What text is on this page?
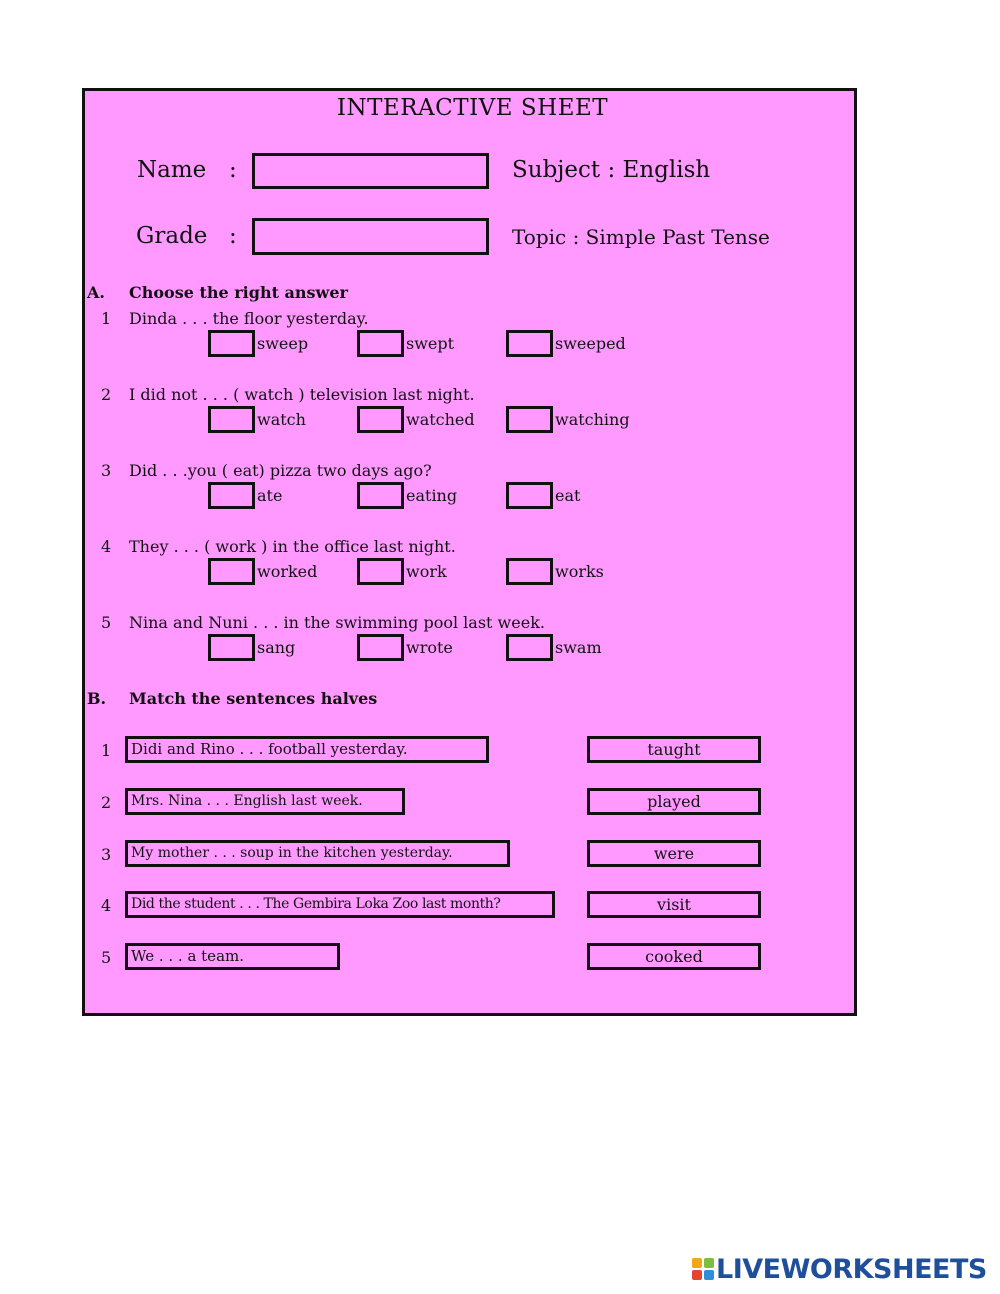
INTERACTIVE SHEET
Name :	Subject : English
Grade :	Topic : Simple Past Tense
A. Choose the right answer
1 Dinda . . . the floor yesterday.
sweep	swept	sweeped
2 I did not . . . ( watch ) television last night.
watch	watched	watching
3 Did . . .you ( eat) pizza two days ago?
ate	eating	eat
4 They . . . ( work ) in the office last night.
worked	work	works
5 Nina and Nuni . . . in the swimming pool last week.
sang	wrote	swam
B. Match the sentences halves
1	Didi and Rino . . . football yesterday.	taught
2	Mrs. Nina . . . English last week.	played
3	My mother . . . soup in the kitchen yesterday.	were
4	Did the student . . . The Gembira Loka Zoo last month?	visit
5	We . . . a team.	cooked
LIVEWORKSHEETS
